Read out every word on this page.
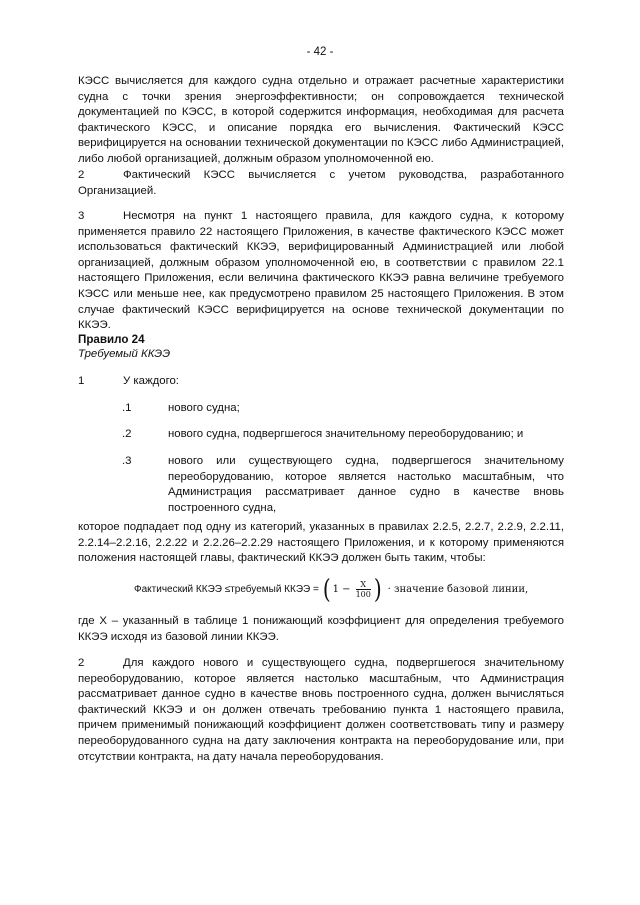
- 42 -

КЭСС вычисляется для каждого судна отдельно и отражает расчетные характеристики судна с точки зрения энергоэффективности; он сопровождается технической документацией по КЭСС, в которой содержится информация, необходимая для расчета фактического КЭСС, и описание порядка его вычисления. Фактический КЭСС верифицируется на основании технической документации по КЭСС либо Администрацией, либо любой организацией, должным образом уполномоченной ею.

2	Фактический КЭСС вычисляется с учетом руководства, разработанного Организацией.

3	Несмотря на пункт 1 настоящего правила, для каждого судна, к которому применяется правило 22 настоящего Приложения, в качестве фактического КЭСС может использоваться фактический ККЭЭ, верифицированный Администрацией или любой организацией, должным образом уполномоченной ею, в соответствии с правилом 22.1 настоящего Приложения, если величина фактического ККЭЭ равна величине требуемого КЭСС или меньше нее, как предусмотрено правилом 25 настоящего Приложения. В этом случае фактический КЭСС верифицируется на основе технической документации по ККЭЭ.

Правило 24
Требуемый ККЭЭ
1	У каждого:
.1	нового судна;

.2	нового судна, подвергшегося значительному переоборудованию; и

.3	нового или существующего судна, подвергшегося значительному переоборудованию, которое является настолько масштабным, что Администрация рассматривает данное судно в качестве вновь построенного судна,

которое подпадает под одну из категорий, указанных в правилах 2.2.5, 2.2.7, 2.2.9, 2.2.11, 2.2.14–2.2.16, 2.2.22 и 2.2.26–2.2.29 настоящего Приложения, и к которому применяются положения настоящей главы, фактический ККЭЭ должен быть таким, чтобы:

Фактический ККЭЭ ≤требуемый ККЭЭ = ( $1 - \frac{X}{100}$ ) · значение базовой линии,

где X – указанный в таблице 1 понижающий коэффициент для определения требуемого ККЭЭ исходя из базовой линии ККЭЭ.

2	Для каждого нового и существующего судна, подвергшегося значительному переоборудованию, которое является настолько масштабным, что Администрация рассматривает данное судно в качестве вновь построенного судна, должен вычисляться фактический ККЭЭ и он должен отвечать требованию пункта 1 настоящего правила, причем применимый понижающий коэффициент должен соответствовать типу и размеру переоборудованного судна на дату заключения контракта на переоборудование или, при отсутствии контракта, на дату начала переоборудования.
